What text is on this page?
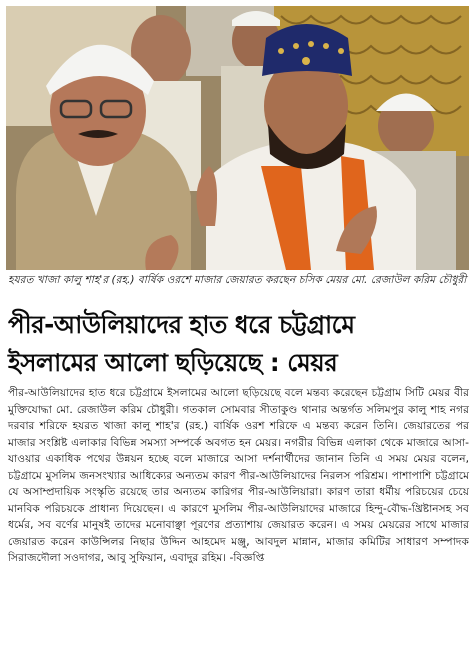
হযরত খাজা কালু শাহ'র (রহ.) বার্ষিক ওরশে মাজার জেয়ারত করছেন চসিক মেয়র মো. রেজাউল করিম চৌধুরী
পীর-আউলিয়াদের হাত ধরে চট্টগ্রামে
ইসলামের আলো ছড়িয়েছে : মেয়র
পীর-আউলিয়াদের হাত ধরে চট্টগ্রামে ইসলামের আলো ছড়িয়েছে বলে মন্তব্য করেছেন চট্টগ্রাম সিটি মেয়র বীর মুক্তিযোদ্ধা মো. রেজাউল করিম চৌধুরী। গতকাল সোমবার সীতাকুণ্ড থানার অন্তর্গত সলিমপুর কালু শাহ নগর দরবার শরিফে হযরত খাজা কালু শাহ'র (রহ.) বার্ষিক ওরশ শরিফে এ মন্তব্য করেন তিনি। জেয়ারতের পর মাজার সংশ্লিষ্ট এলাকার বিভিন্ন সমস্যা সম্পর্কে অবগত হন মেয়র। নগরীর বিভিন্ন এলাকা থেকে মাজারে আসা-যাওয়ার একাধিক পথের উন্নয়ন হচ্ছে বলে মাজারে আসা দর্শনার্থীদের জানান তিনি এ সময় মেয়র বলেন, চট্টগ্রামে মুসলিম জনসংখ্যার আধিক্যের অন্যতম কারণ পীর-আউলিয়াদের নিরলস পরিশ্রম। পাশাপাশি চট্টগ্রামে যে অসাম্প্রদায়িক সংস্কৃতি রয়েছে তার অন্যতম কারিগর পীর-আউলিয়ারা। কারণ তারা ধর্মীয় পরিচয়ের চেয়ে মানবিক পরিচয়কে প্রাধান্য দিয়েছেন। এ কারণে মুসলিম পীর-আউলিয়াদের মাজারে হিন্দু-বৌদ্ধ-খ্রিষ্টানসহ সব ধর্মের, সব বর্ণের মানুষই তাদের মনোবাঞ্ছা পূরণের প্রত্যাশায় জেয়ারত করেন। এ সময় মেয়রের সাথে মাজার জেয়ারত করেন কাউন্সিলর নিছার উদ্দিন আহমেদ মঞ্জু, আবদুল মান্নান, মাজার কমিটির সাধারণ সম্পাদক সিরাজদৌলা সওদাগর, আবু সুফিয়ান, এবাদুর রহিম। -বিজ্ঞপ্তি
